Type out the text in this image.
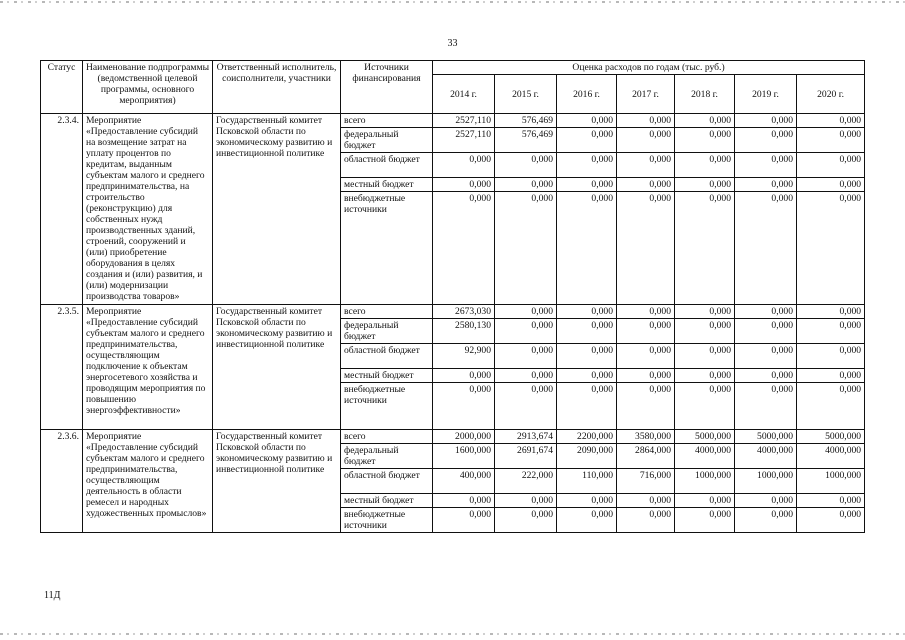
33
Статус	Наименование подпрограммы (ведомственной целевой программы, основного мероприятия)	Ответственный исполнитель, соисполнители, участники	Источники финансирования	Оценка расходов по годам (тыс. руб.)						
				2014 г.	2015 г.	2016 г.	2017 г.	2018 г.	2019 г.	2020 г.
2.3.4.	Мероприятие «Предоставление субсидий на возмещение затрат на уплату процентов по кредитам, выданным субъектам малого и среднего предпринимательства, на строительство (реконструкцию) для собственных нужд производственных зданий, строений, сооружений и (или) приобретение оборудования в целях создания и (или) развития, и (или) модернизации производства товаров»	Государственный комитет Псковской области по экономическому развитию и инвестиционной политике	всего	2527,110	576,469	0,000	0,000	0,000	0,000	0,000
			федеральный бюджет	2527,110	576,469	0,000	0,000	0,000	0,000	0,000
			областной бюджет	0,000	0,000	0,000	0,000	0,000	0,000	0,000
			местный бюджет	0,000	0,000	0,000	0,000	0,000	0,000	0,000
			внебюджетные источники	0,000	0,000	0,000	0,000	0,000	0,000	0,000
2.3.5.	Мероприятие «Предоставление субсидий субъектам малого и среднего предпринимательства, осуществляющим подключение к объектам энергосетевого хозяйства и проводящим мероприятия по повышению энергоэффективности»	Государственный комитет Псковской области по экономическому развитию и инвестиционной политике	всего	2673,030	0,000	0,000	0,000	0,000	0,000	0,000
			федеральный бюджет	2580,130	0,000	0,000	0,000	0,000	0,000	0,000
			областной бюджет	92,900	0,000	0,000	0,000	0,000	0,000	0,000
			местный бюджет	0,000	0,000	0,000	0,000	0,000	0,000	0,000
			внебюджетные источники	0,000	0,000	0,000	0,000	0,000	0,000	0,000
2.3.6.	Мероприятие «Предоставление субсидий субъектам малого и среднего предпринимательства, осуществляющим деятельность в области ремесел и народных художественных промыслов»	Государственный комитет Псковской области по экономическому развитию и инвестиционной политике	всего	2000,000	2913,674	2200,000	3580,000	5000,000	5000,000	5000,000
			федеральный бюджет	1600,000	2691,674	2090,000	2864,000	4000,000	4000,000	4000,000
			областной бюджет	400,000	222,000	110,000	716,000	1000,000	1000,000	1000,000
			местный бюджет	0,000	0,000	0,000	0,000	0,000	0,000	0,000
			внебюджетные источники	0,000	0,000	0,000	0,000	0,000	0,000	0,000
11Д
